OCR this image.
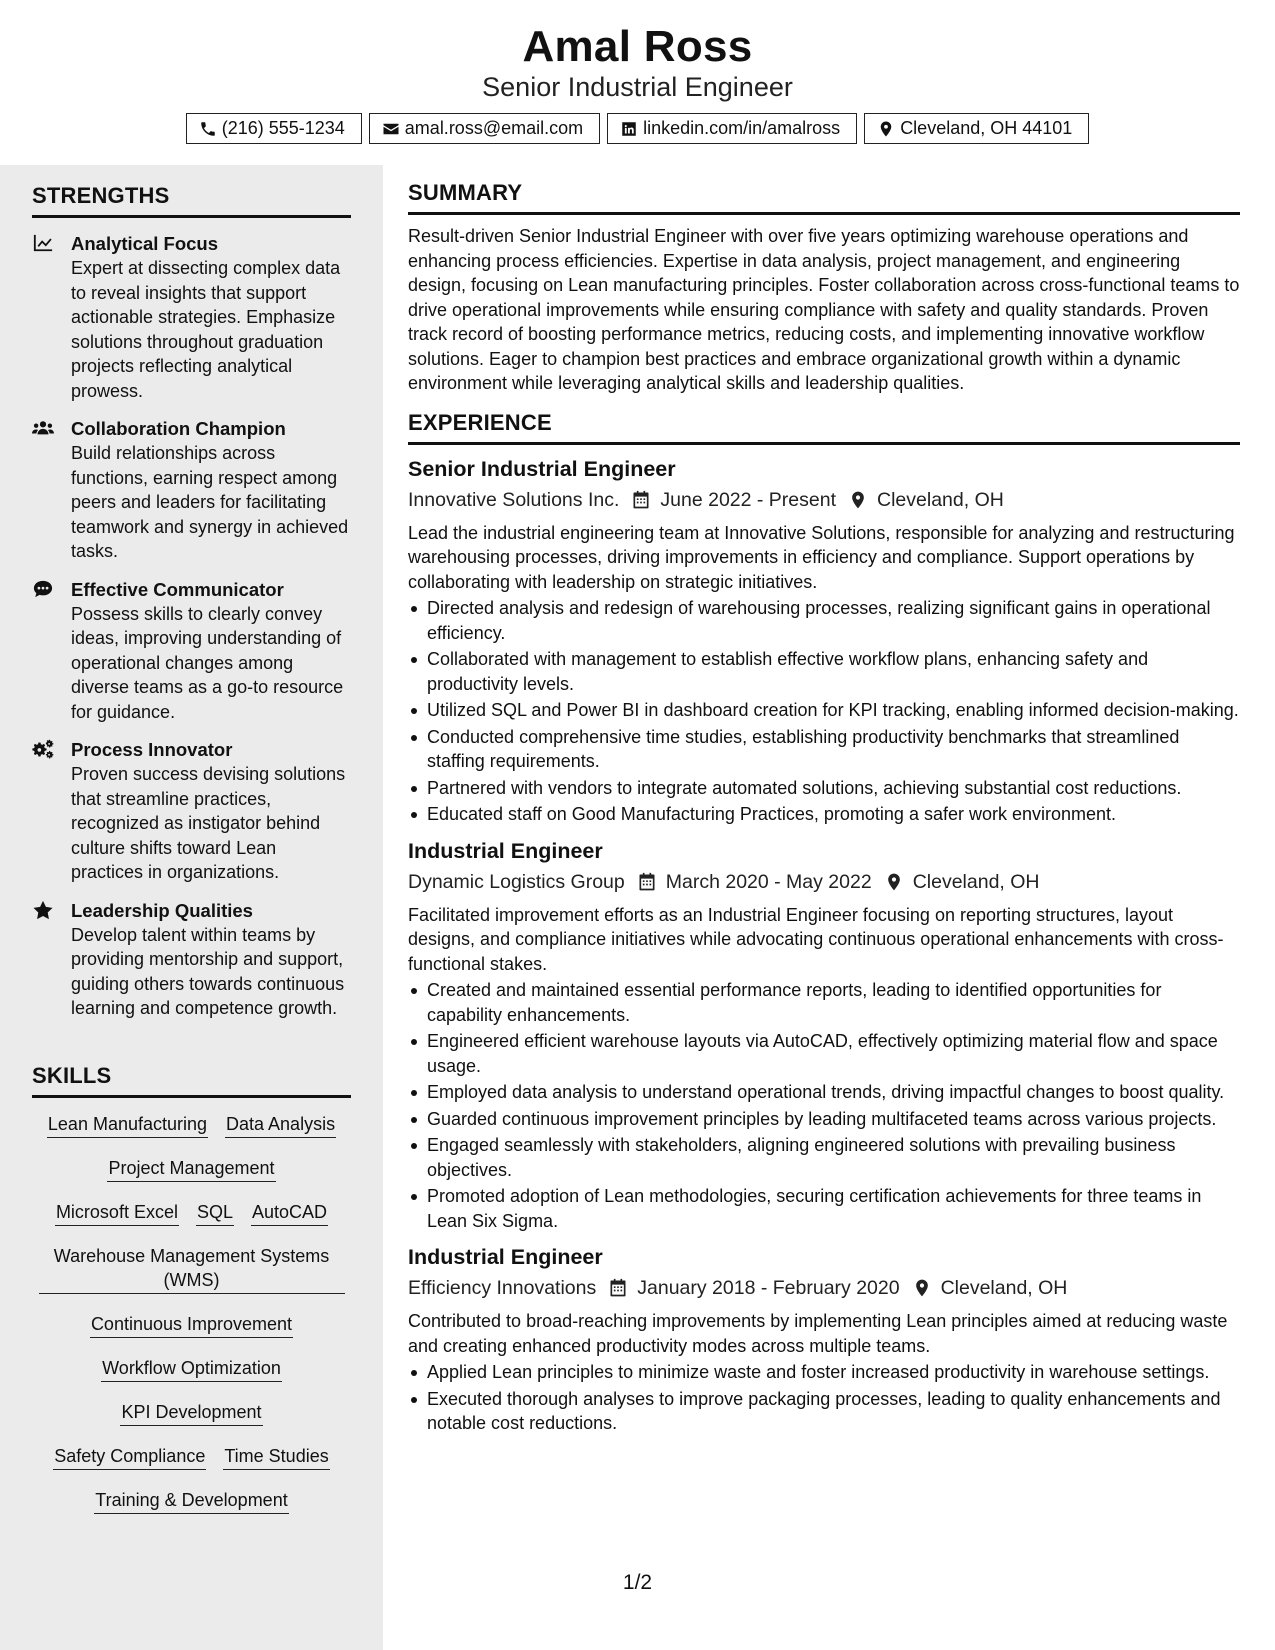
Amal Ross
Senior Industrial Engineer
(216) 555-1234	amal.ross@email.com	linkedin.com/in/amalross	Cleveland, OH 44101
STRENGTHS
Analytical Focus
Expert at dissecting complex data to reveal insights that support actionable strategies. Emphasize solutions throughout graduation projects reflecting analytical prowess.
Collaboration Champion
Build relationships across functions, earning respect among peers and leaders for facilitating teamwork and synergy in achieved tasks.
Effective Communicator
Possess skills to clearly convey ideas, improving understanding of operational changes among diverse teams as a go-to resource for guidance.
Process Innovator
Proven success devising solutions that streamline practices, recognized as instigator behind culture shifts toward Lean practices in organizations.
Leadership Qualities
Develop talent within teams by providing mentorship and support, guiding others towards continuous learning and competence growth.
SKILLS
Lean Manufacturing Data Analysis
Project Management
Microsoft Excel SQL AutoCAD
Warehouse Management Systems (WMS)
Continuous Improvement
Workflow Optimization
KPI Development
Safety Compliance Time Studies
Training & Development
SUMMARY
Result-driven Senior Industrial Engineer with over five years optimizing warehouse operations and enhancing process efficiencies. Expertise in data analysis, project management, and engineering design, focusing on Lean manufacturing principles. Foster collaboration across cross-functional teams to drive operational improvements while ensuring compliance with safety and quality standards. Proven track record of boosting performance metrics, reducing costs, and implementing innovative workflow solutions. Eager to champion best practices and embrace organizational growth within a dynamic environment while leveraging analytical skills and leadership qualities.
EXPERIENCE
Senior Industrial Engineer
Innovative Solutions Inc. June 2022 - Present Cleveland, OH
Lead the industrial engineering team at Innovative Solutions, responsible for analyzing and restructuring warehousing processes, driving improvements in efficiency and compliance. Support operations by collaborating with leadership on strategic initiatives.
Directed analysis and redesign of warehousing processes, realizing significant gains in operational efficiency.
Collaborated with management to establish effective workflow plans, enhancing safety and productivity levels.
Utilized SQL and Power BI in dashboard creation for KPI tracking, enabling informed decision-making.
Conducted comprehensive time studies, establishing productivity benchmarks that streamlined staffing requirements.
Partnered with vendors to integrate automated solutions, achieving substantial cost reductions.
Educated staff on Good Manufacturing Practices, promoting a safer work environment.
Industrial Engineer
Dynamic Logistics Group March 2020 - May 2022 Cleveland, OH
Facilitated improvement efforts as an Industrial Engineer focusing on reporting structures, layout designs, and compliance initiatives while advocating continuous operational enhancements with cross-functional stakes.
Created and maintained essential performance reports, leading to identified opportunities for capability enhancements.
Engineered efficient warehouse layouts via AutoCAD, effectively optimizing material flow and space usage.
Employed data analysis to understand operational trends, driving impactful changes to boost quality.
Guarded continuous improvement principles by leading multifaceted teams across various projects.
Engaged seamlessly with stakeholders, aligning engineered solutions with prevailing business objectives.
Promoted adoption of Lean methodologies, securing certification achievements for three teams in Lean Six Sigma.
Industrial Engineer
Efficiency Innovations January 2018 - February 2020 Cleveland, OH
Contributed to broad-reaching improvements by implementing Lean principles aimed at reducing waste and creating enhanced productivity modes across multiple teams.
Applied Lean principles to minimize waste and foster increased productivity in warehouse settings.
Executed thorough analyses to improve packaging processes, leading to quality enhancements and notable cost reductions.
1/2
